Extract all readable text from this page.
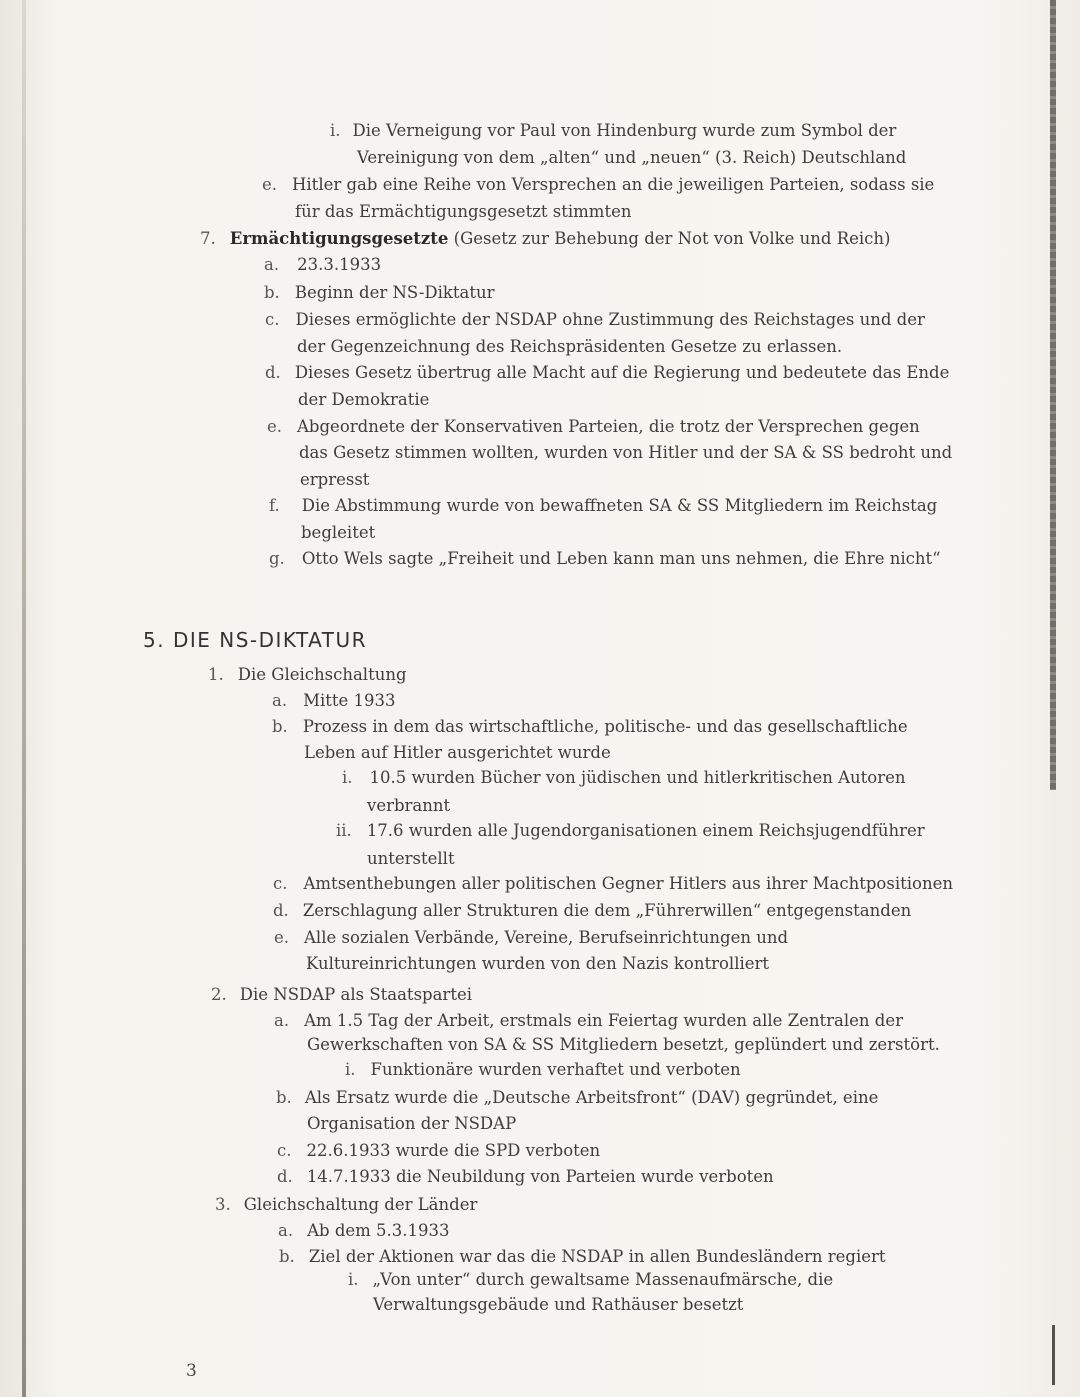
i. Die Verneigung vor Paul von Hindenburg wurde zum Symbol der
Vereinigung von dem „alten“ und „neuen“ (3. Reich) Deutschland
e. Hitler gab eine Reihe von Versprechen an die jeweiligen Parteien, sodass sie
für das Ermächtigungsgesetzt stimmten
7. Ermächtigungsgesetzte (Gesetz zur Behebung der Not von Volke und Reich)
a. 23.3.1933
b. Beginn der NS-Diktatur
c. Dieses ermöglichte der NSDAP ohne Zustimmung des Reichstages und der
der Gegenzeichnung des Reichspräsidenten Gesetze zu erlassen.
d. Dieses Gesetz übertrug alle Macht auf die Regierung und bedeutete das Ende
der Demokratie
e. Abgeordnete der Konservativen Parteien, die trotz der Versprechen gegen
das Gesetz stimmen wollten, wurden von Hitler und der SA & SS bedroht und
erpresst
f. Die Abstimmung wurde von bewaffneten SA & SS Mitgliedern im Reichstag
begleitet
g. Otto Wels sagte „Freiheit und Leben kann man uns nehmen, die Ehre nicht“
5. DIE NS-DIKTATUR
1. Die Gleichschaltung
a. Mitte 1933
b. Prozess in dem das wirtschaftliche, politische- und das gesellschaftliche
Leben auf Hitler ausgerichtet wurde
i. 10.5 wurden Bücher von jüdischen und hitlerkritischen Autoren
verbrannt
ii. 17.6 wurden alle Jugendorganisationen einem Reichsjugendführer
unterstellt
c. Amtsenthebungen aller politischen Gegner Hitlers aus ihrer Machtpositionen
d. Zerschlagung aller Strukturen die dem „Führerwillen“ entgegenstanden
e. Alle sozialen Verbände, Vereine, Berufseinrichtungen und
Kultureinrichtungen wurden von den Nazis kontrolliert
2. Die NSDAP als Staatspartei
a. Am 1.5 Tag der Arbeit, erstmals ein Feiertag wurden alle Zentralen der
Gewerkschaften von SA & SS Mitgliedern besetzt, geplündert und zerstört.
i. Funktionäre wurden verhaftet und verboten
b. Als Ersatz wurde die „Deutsche Arbeitsfront“ (DAV) gegründet, eine
Organisation der NSDAP
c. 22.6.1933 wurde die SPD verboten
d. 14.7.1933 die Neubildung von Parteien wurde verboten
3. Gleichschaltung der Länder
a. Ab dem 5.3.1933
b. Ziel der Aktionen war das die NSDAP in allen Bundesländern regiert
i. „Von unter“ durch gewaltsame Massenaufmärsche, die
Verwaltungsgebäude und Rathäuser besetzt
3
